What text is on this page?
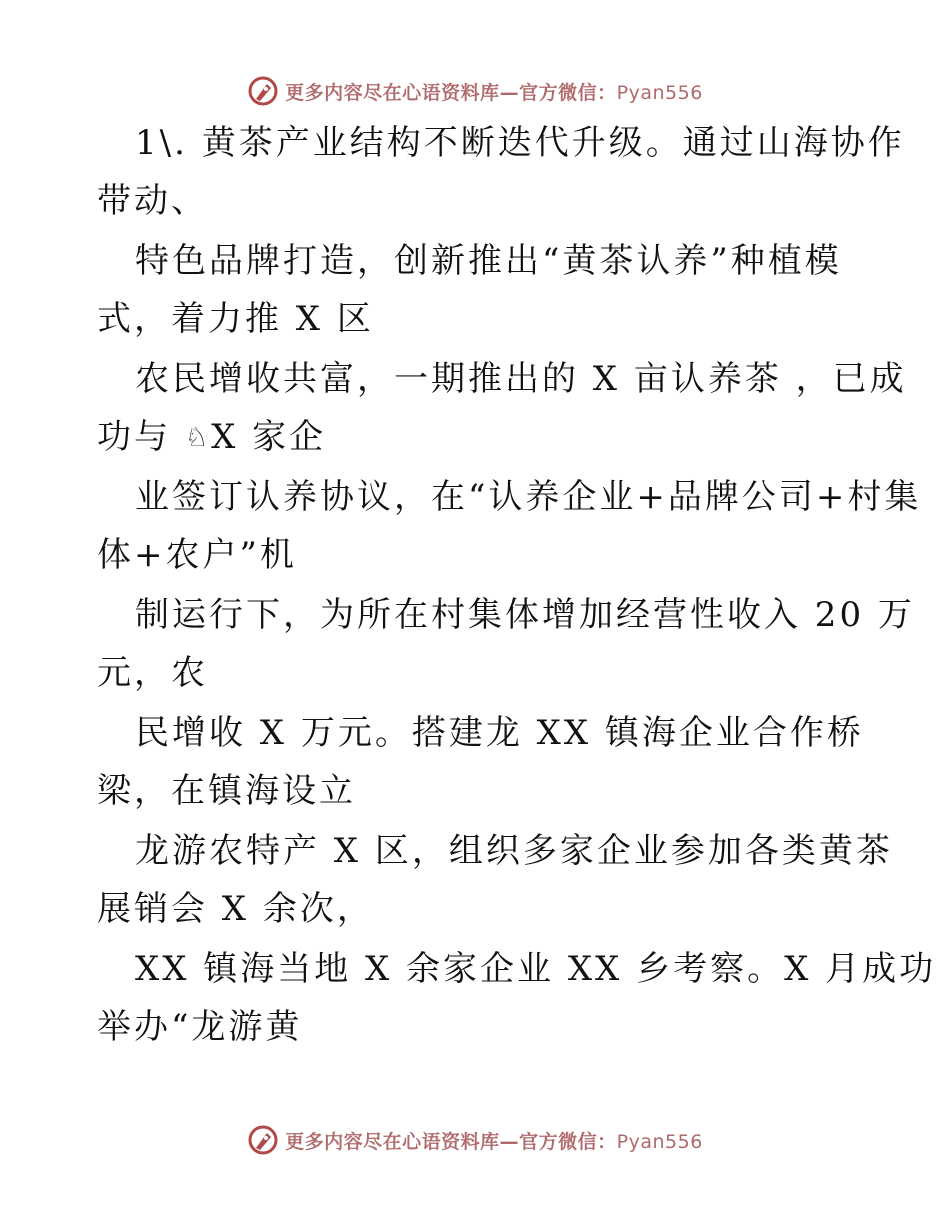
更多内容尽在心语资料库—官方微信：Pyan556
1\. 黄茶产业结构不断迭代升级。通过山海协作
带动、
特色品牌打造，创新推出“黄茶认养”种植模
式，着力推 X 区
农民增收共富，一期推出的 X 亩认养茶 ，已成
功与 ♘X 家企
业签订认养协议，在“认养企业+品牌公司+村集
体+农户”机
制运行下，为所在村集体增加经营性收入 20 万
元，农
民增收 X 万元。搭建龙 XX 镇海企业合作桥
梁，在镇海设立
龙游农特产 X 区，组织多家企业参加各类黄茶
展销会 X 余次，
XX 镇海当地 X 余家企业 XX 乡考察。X 月成功
举办“龙游黄
更多内容尽在心语资料库—官方微信：Pyan556
